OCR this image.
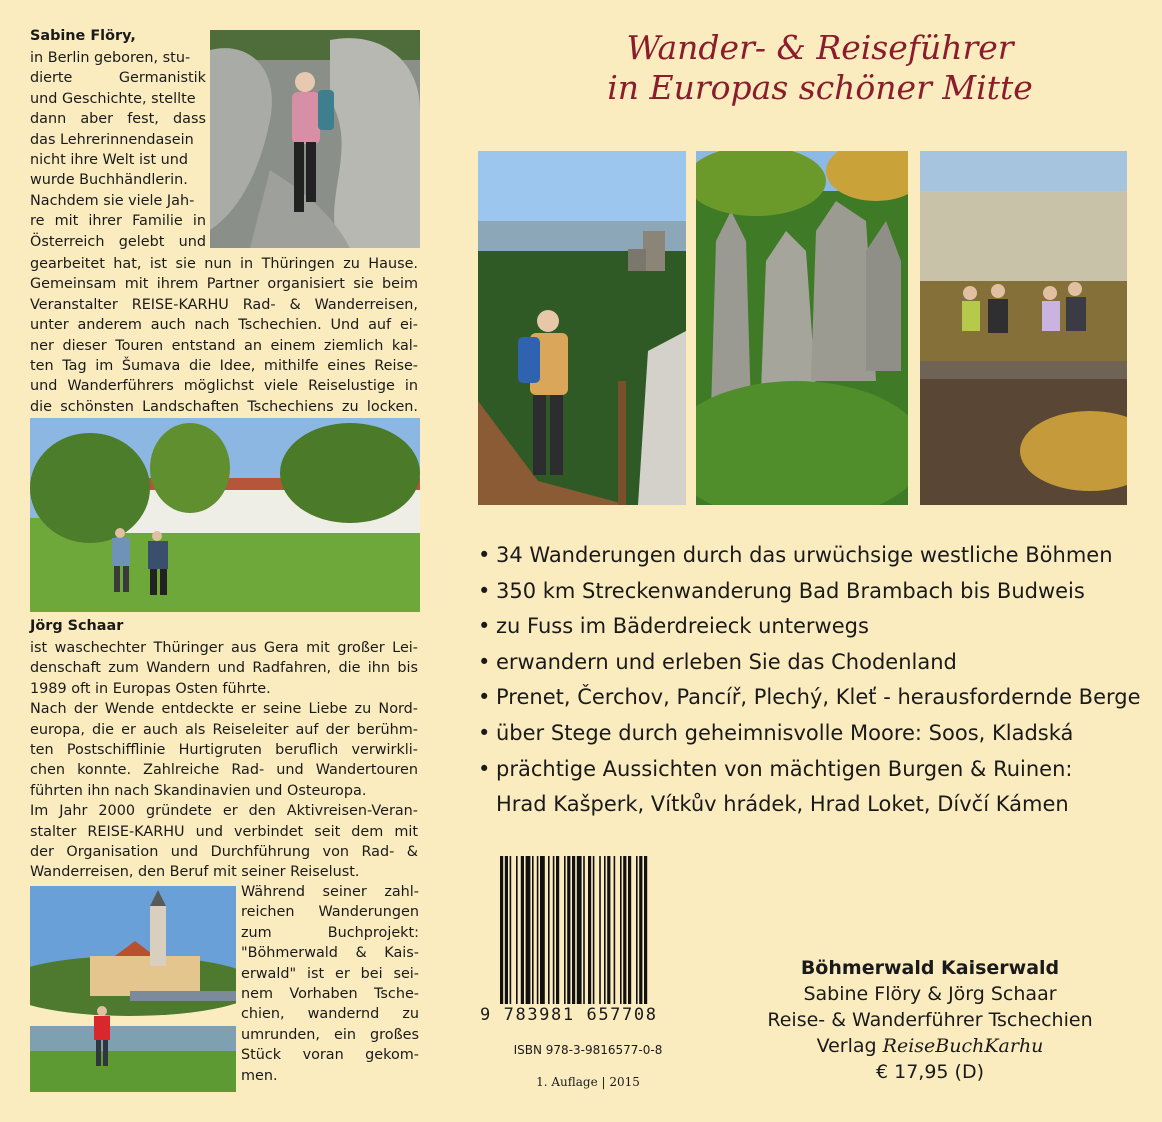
Sabine Flöry,
in Berlin geboren, stu-
dierte Germanistik
und Geschichte, stellte
dann aber fest, dass
das Lehrerinnendasein
nicht ihre Welt ist und
wurde Buchhändlerin.
Nachdem sie viele Jah-
re mit ihrer Familie in
Österreich gelebt und
gearbeitet hat, ist sie nun in Thüringen zu Hause.
Gemeinsam mit ihrem Partner organisiert sie beim
Veranstalter REISE-KARHU Rad- & Wanderreisen,
unter anderem auch nach Tschechien. Und auf ei-
ner dieser Touren entstand an einem ziemlich kal-
ten Tag im Šumava die Idee, mithilfe eines Reise-
und Wanderführers möglichst viele Reiselustige in
die schönsten Landschaften Tschechiens zu locken.
Jörg Schaar
ist waschechter Thüringer aus Gera mit großer Lei-
denschaft zum Wandern und Radfahren, die ihn bis
1989 oft in Europas Osten führte.
Nach der Wende entdeckte er seine Liebe zu Nord-
europa, die er auch als Reiseleiter auf der berühm-
ten Postschifflinie Hurtigruten beruflich verwirkli-
chen konnte. Zahlreiche Rad- und Wandertouren
führten ihn nach Skandinavien und Osteuropa.
Im Jahr 2000 gründete er den Aktivreisen-Veran-
stalter REISE-KARHU und verbindet seit dem mit
der Organisation und Durchführung von Rad- &
Wanderreisen, den Beruf mit seiner Reiselust.
Während seiner zahl-
reichen Wanderungen
zum Buchprojekt:
"Böhmerwald & Kais-
erwald" ist er bei sei-
nem Vorhaben Tsche-
chien, wandernd zu
umrunden, ein großes
Stück voran gekom-
men.
Wander- & Reiseführer
in Europas schöner Mitte
• 34 Wanderungen durch das urwüchsige westliche Böhmen
• 350 km Streckenwanderung Bad Brambach bis Budweis
• zu Fuss im Bäderdreieck unterwegs
• erwandern und erleben Sie das Chodenland
• Prenet, Čerchov, Pancíř, Plechý, Kleť - herausfordernde Berge
• über Stege durch geheimnisvolle Moore: Soos, Kladská
• prächtige Aussichten von mächtigen Burgen & Ruinen:
Hrad Kašperk, Vítkův hrádek, Hrad Loket, Dívčí Kámen
9 783981 657708
ISBN 978-3-9816577-0-8
1. Auflage | 2015
Böhmerwald Kaiserwald
Sabine Flöry & Jörg Schaar
Reise- & Wanderführer Tschechien
Verlag ReiseBuchKarhu
€ 17,95 (D)
